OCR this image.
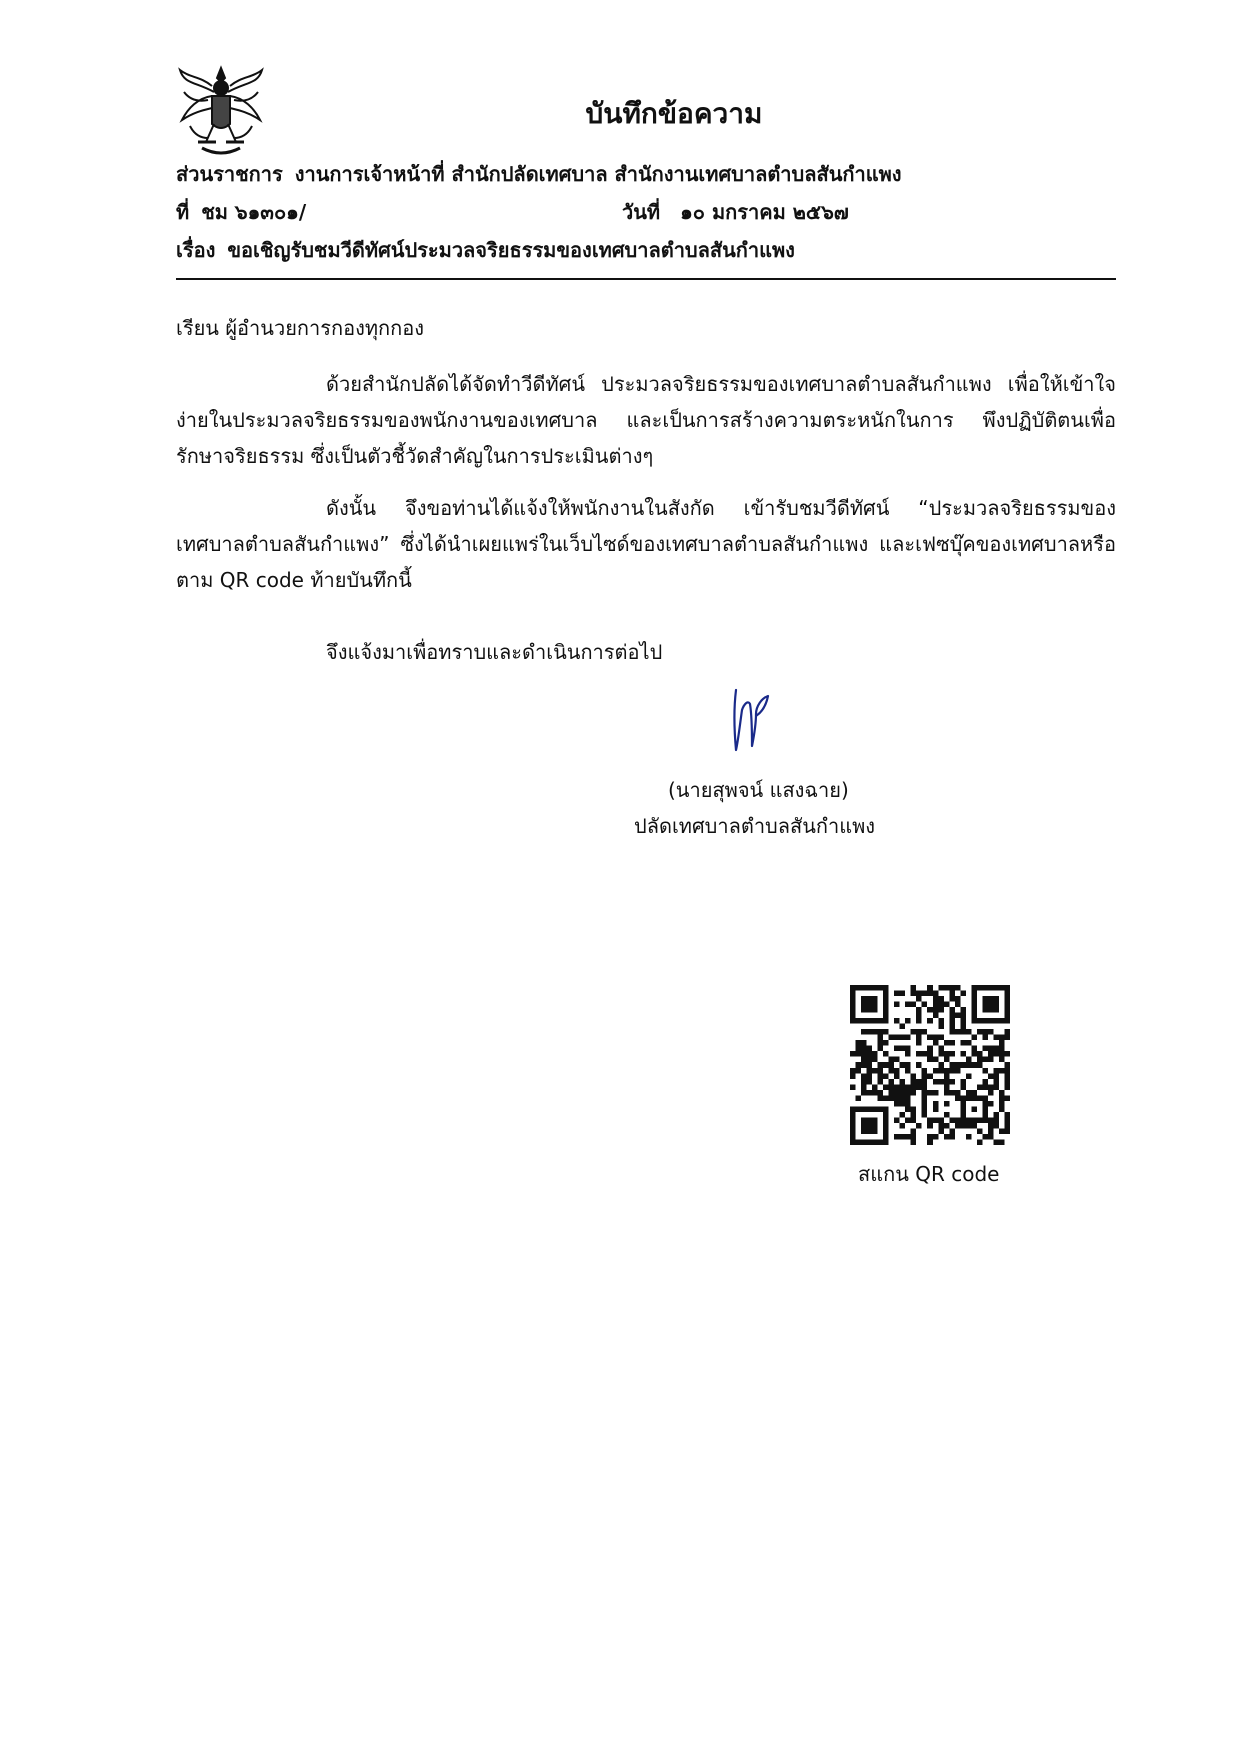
บันทึกข้อความ
ส่วนราชการ งานการเจ้าหน้าที่ สำนักปลัดเทศบาล สำนักงานเทศบาลตำบลสันกำแพง
ที่ ชม ๖๑๓๐๑/	วันที่ ๑๐ มกราคม ๒๕๖๗
เรื่อง ขอเชิญรับชมวีดีทัศน์ประมวลจริยธรรมของเทศบาลตำบลสันกำแพง
เรียน ผู้อำนวยการกองทุกกอง
ด้วยสำนักปลัดได้จัดทำวีดีทัศน์ ประมวลจริยธรรมของเทศบาลตำบลสันกำแพง เพื่อให้เข้าใจง่ายในประมวลจริยธรรมของพนักงานของเทศบาล และเป็นการสร้างความตระหนักในการ พึงปฏิบัติตนเพื่อรักษาจริยธรรม ซึ่งเป็นตัวชี้วัดสำคัญในการประเมินต่างๆ
ดังนั้น จึงขอท่านได้แจ้งให้พนักงานในสังกัด เข้ารับชมวีดีทัศน์ “ประมวลจริยธรรมของเทศบาลตำบลสันกำแพง” ซึ่งได้นำเผยแพร่ในเว็บไซด์ของเทศบาลตำบลสันกำแพง และเฟซบุ๊คของเทศบาลหรือตาม QR code ท้ายบันทึกนี้
จึงแจ้งมาเพื่อทราบและดำเนินการต่อไป
(นายสุพจน์ แสงฉาย)
ปลัดเทศบาลตำบลสันกำแพง
สแกน QR code
